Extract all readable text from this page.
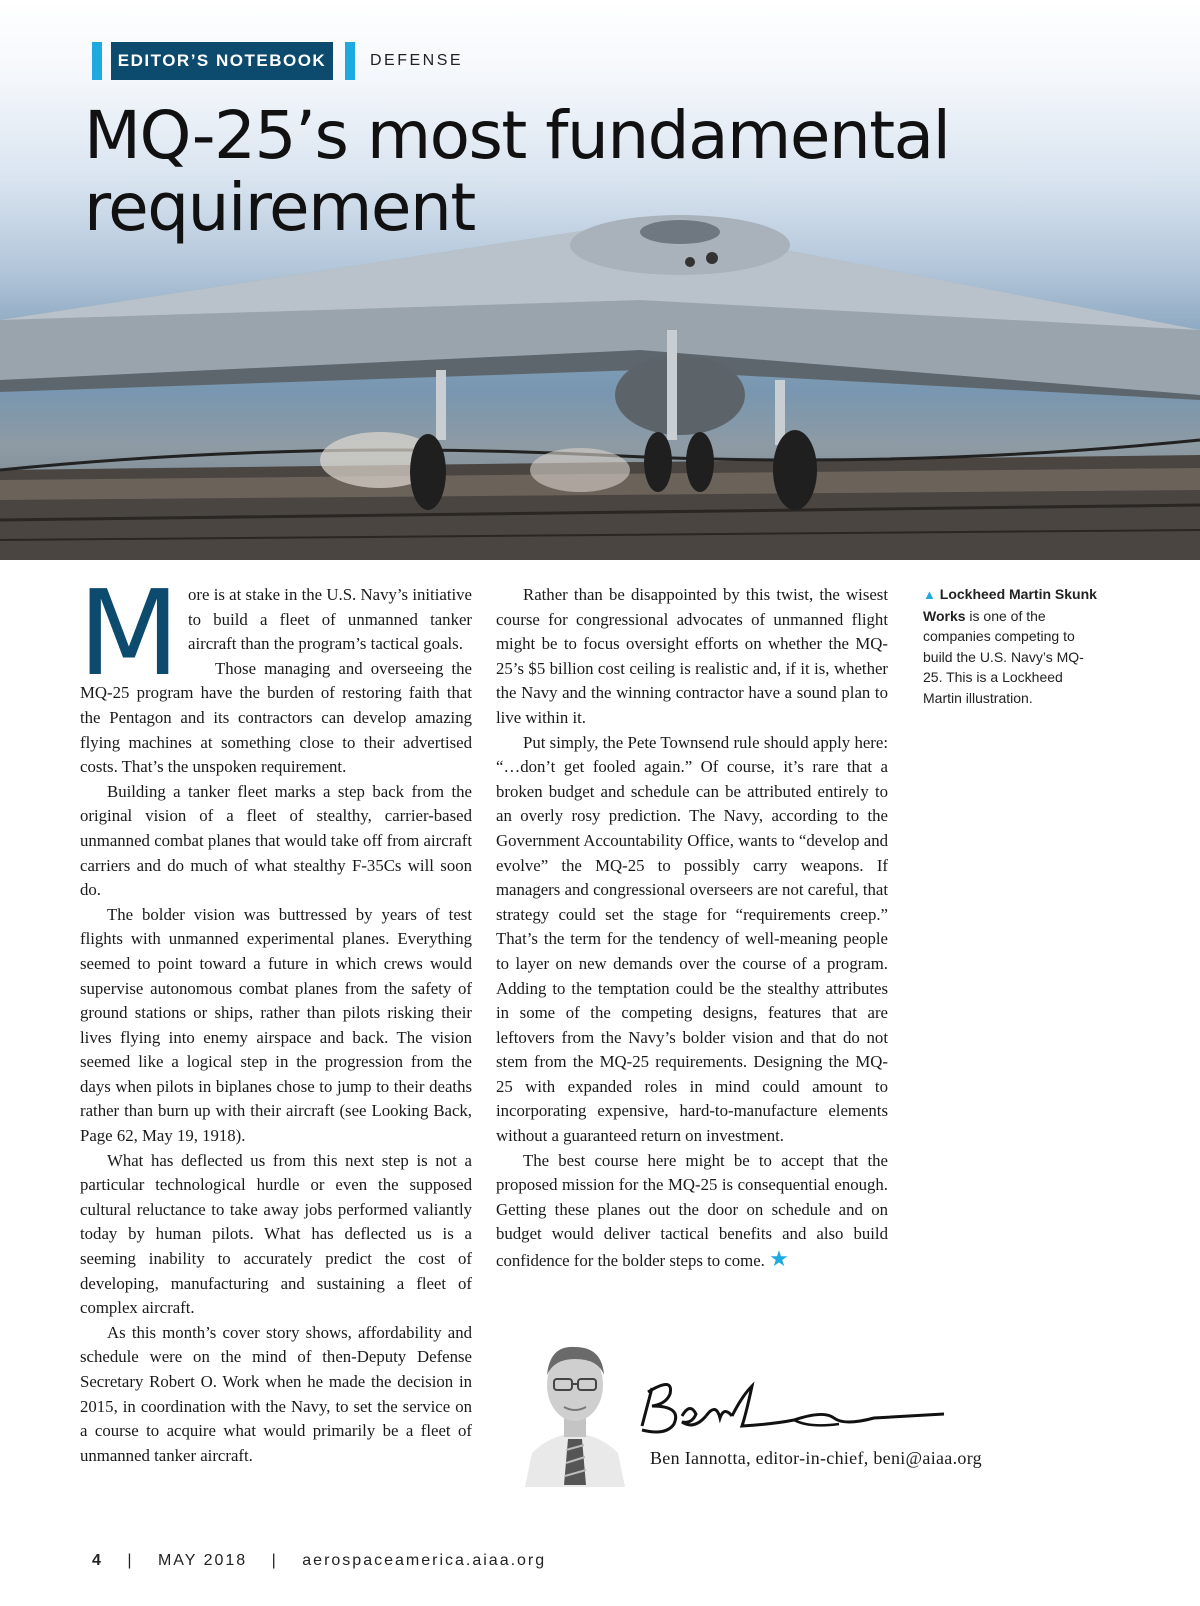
EDITOR’S NOTEBOOK	DEFENSE
MQ-25’s most fundamental
requirement

More is at stake in the U.S. Navy’s initiative to build a fleet of unmanned tanker aircraft than the program’s tactical goals.

Those managing and overseeing the MQ-25 program have the burden of restoring faith that the Pentagon and its contractors can develop amazing flying machines at something close to their advertised costs. That’s the unspoken requirement.

Building a tanker fleet marks a step back from the original vision of a fleet of stealthy, carrier-based unmanned combat planes that would take off from aircraft carriers and do much of what stealthy F-35Cs will soon do.

The bolder vision was buttressed by years of test flights with unmanned experimental planes. Everything seemed to point toward a future in which crews would supervise autonomous combat planes from the safety of ground stations or ships, rather than pilots risking their lives flying into enemy airspace and back. The vision seemed like a logical step in the progression from the days when pilots in biplanes chose to jump to their deaths rather than burn up with their aircraft (see Looking Back, Page 62, May 19, 1918).

What has deflected us from this next step is not a particular technological hurdle or even the supposed cultural reluctance to take away jobs performed valiantly today by human pilots. What has deflected us is a seeming inability to accurately predict the cost of developing, manufacturing and sustaining a fleet of complex aircraft.

As this month’s cover story shows, affordability and schedule were on the mind of then-Deputy Defense Secretary Robert O. Work when he made the decision in 2015, in coordination with the Navy, to set the service on a course to acquire what would primarily be a fleet of unmanned tanker aircraft.

Rather than be disappointed by this twist, the wisest course for congressional advocates of unmanned flight might be to focus oversight efforts on whether the MQ-25’s $5 billion cost ceiling is realistic and, if it is, whether the Navy and the winning contractor have a sound plan to live within it.

Put simply, the Pete Townsend rule should apply here: “…don’t get fooled again.” Of course, it’s rare that a broken budget and schedule can be attributed entirely to an overly rosy prediction. The Navy, according to the Government Accountability Office, wants to “develop and evolve” the MQ-25 to possibly carry weapons. If managers and congressional overseers are not careful, that strategy could set the stage for “requirements creep.” That’s the term for the tendency of well-meaning people to layer on new demands over the course of a program. Adding to the temptation could be the stealthy attributes in some of the competing designs, features that are leftovers from the Navy’s bolder vision and that do not stem from the MQ-25 requirements. Designing the MQ-25 with expanded roles in mind could amount to incorporating expensive, hard-to-manufacture elements without a guaranteed return on investment.

The best course here might be to accept that the proposed mission for the MQ-25 is consequential enough. Getting these planes out the door on schedule and on budget would deliver tactical benefits and also build confidence for the bolder steps to come. ★

▲ Lockheed Martin Skunk Works is one of the companies competing to build the U.S. Navy’s MQ-25. This is a Lockheed Martin illustration.
Ben Iannotta, editor-in-chief, beni@aiaa.org
4 | MAY 2018 | aerospaceamerica.aiaa.org
